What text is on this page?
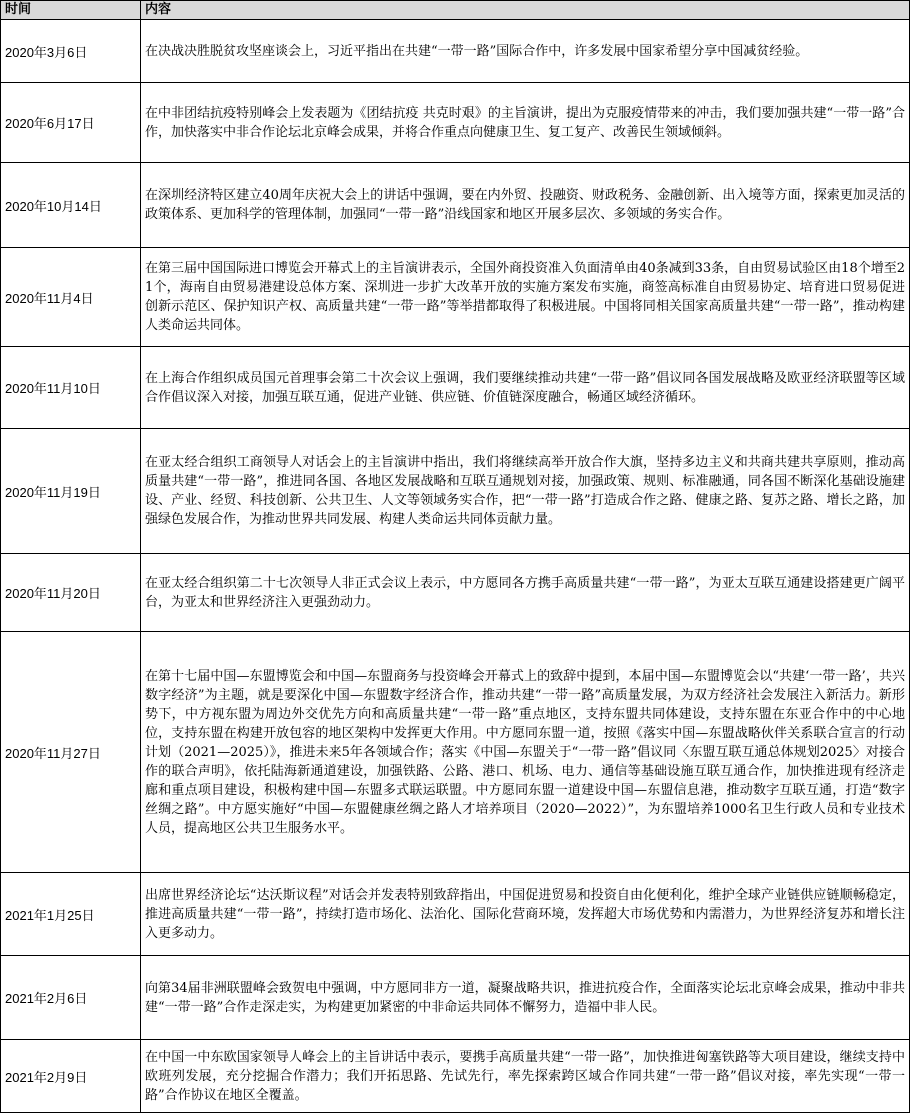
时间	内容
2020年3月6日	在决战决胜脱贫攻坚座谈会上，习近平指出在共建“一带一路”国际合作中，许多发展中国家希望分享中国减贫经验。
2020年6月17日	在中非团结抗疫特别峰会上发表题为《团结抗疫 共克时艰》的主旨演讲，提出为克服疫情带来的冲击，我们要加强共建“一带一路”合作，加快落实中非合作论坛北京峰会成果，并将合作重点向健康卫生、复工复产、改善民生领域倾斜。
2020年10月14日	在深圳经济特区建立40周年庆祝大会上的讲话中强调，要在内外贸、投融资、财政税务、金融创新、出入境等方面，探索更加灵活的政策体系、更加科学的管理体制，加强同“一带一路”沿线国家和地区开展多层次、多领域的务实合作。
2020年11月4日	在第三届中国国际进口博览会开幕式上的主旨演讲表示，全国外商投资准入负面清单由40条减到33条，自由贸易试验区由18个增至21个，海南自由贸易港建设总体方案、深圳进一步扩大改革开放的实施方案发布实施，商签高标准自由贸易协定、培育进口贸易促进创新示范区、保护知识产权、高质量共建“一带一路”等举措都取得了积极进展。中国将同相关国家高质量共建“一带一路”，推动构建人类命运共同体。
2020年11月10日	在上海合作组织成员国元首理事会第二十次会议上强调，我们要继续推动共建“一带一路”倡议同各国发展战略及欧亚经济联盟等区域合作倡议深入对接，加强互联互通，促进产业链、供应链、价值链深度融合，畅通区域经济循环。
2020年11月19日	在亚太经合组织工商领导人对话会上的主旨演讲中指出，我们将继续高举开放合作大旗，坚持多边主义和共商共建共享原则，推动高质量共建“一带一路”，推进同各国、各地区发展战略和互联互通规划对接，加强政策、规则、标准融通，同各国不断深化基础设施建设、产业、经贸、科技创新、公共卫生、人文等领域务实合作，把“一带一路”打造成合作之路、健康之路、复苏之路、增长之路，加强绿色发展合作，为推动世界共同发展、构建人类命运共同体贡献力量。
2020年11月20日	在亚太经合组织第二十七次领导人非正式会议上表示，中方愿同各方携手高质量共建“一带一路”，为亚太互联互通建设搭建更广阔平台，为亚太和世界经济注入更强劲动力。
2020年11月27日	在第十七届中国—东盟博览会和中国—东盟商务与投资峰会开幕式上的致辞中提到，本届中国—东盟博览会以“共建‘一带一路’，共兴数字经济”为主题，就是要深化中国—东盟数字经济合作，推动共建“一带一路”高质量发展，为双方经济社会发展注入新活力。新形势下，中方视东盟为周边外交优先方向和高质量共建“一带一路”重点地区，支持东盟共同体建设，支持东盟在东亚合作中的中心地位，支持东盟在构建开放包容的地区架构中发挥更大作用。中方愿同东盟一道，按照《落实中国—东盟战略伙伴关系联合宣言的行动计划（2021—2025）》，推进未来5年各领域合作；落实《中国—东盟关于“一带一路”倡议同〈东盟互联互通总体规划2025〉对接合作的联合声明》，依托陆海新通道建设，加强铁路、公路、港口、机场、电力、通信等基础设施互联互通合作，加快推进现有经济走廊和重点项目建设，积极构建中国—东盟多式联运联盟。中方愿同东盟一道建设中国—东盟信息港，推动数字互联互通，打造“数字丝绸之路”。中方愿实施好“中国—东盟健康丝绸之路人才培养项目（2020—2022）”，为东盟培养1000名卫生行政人员和专业技术人员，提高地区公共卫生服务水平。
2021年1月25日	出席世界经济论坛“达沃斯议程”对话会并发表特别致辞指出，中国促进贸易和投资自由化便利化，维护全球产业链供应链顺畅稳定，推进高质量共建“一带一路”，持续打造市场化、法治化、国际化营商环境，发挥超大市场优势和内需潜力，为世界经济复苏和增长注入更多动力。
2021年2月6日	向第34届非洲联盟峰会致贺电中强调，中方愿同非方一道，凝聚战略共识，推进抗疫合作，全面落实论坛北京峰会成果，推动中非共建“一带一路”合作走深走实，为构建更加紧密的中非命运共同体不懈努力，造福中非人民。
2021年2月9日	在中国一中东欧国家领导人峰会上的主旨讲话中表示，要携手高质量共建“一带一路”，加快推进匈塞铁路等大项目建设，继续支持中欧班列发展，充分挖掘合作潜力；我们开拓思路、先试先行，率先探索跨区域合作同共建“一带一路”倡议对接，率先实现“一带一路”合作协议在地区全覆盖。
